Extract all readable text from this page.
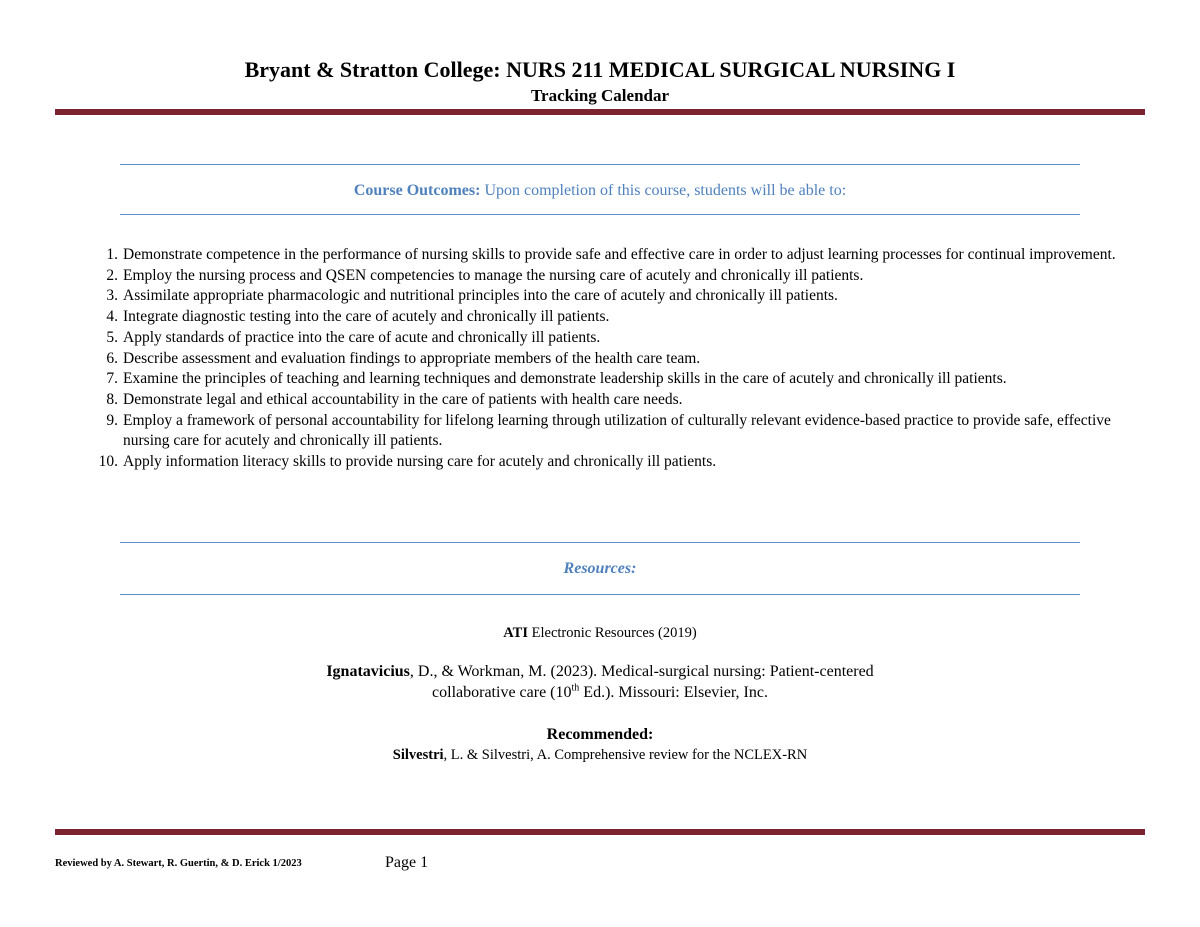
Bryant & Stratton College: NURS 211 MEDICAL SURGICAL NURSING I
Tracking Calendar
Course Outcomes: Upon completion of this course, students will be able to:
1. Demonstrate competence in the performance of nursing skills to provide safe and effective care in order to adjust learning processes for continual improvement.
2. Employ the nursing process and QSEN competencies to manage the nursing care of acutely and chronically ill patients.
3. Assimilate appropriate pharmacologic and nutritional principles into the care of acutely and chronically ill patients.
4. Integrate diagnostic testing into the care of acutely and chronically ill patients.
5. Apply standards of practice into the care of acute and chronically ill patients.
6. Describe assessment and evaluation findings to appropriate members of the health care team.
7. Examine the principles of teaching and learning techniques and demonstrate leadership skills in the care of acutely and chronically ill patients.
8. Demonstrate legal and ethical accountability in the care of patients with health care needs.
9. Employ a framework of personal accountability for lifelong learning through utilization of culturally relevant evidence-based practice to provide safe, effective nursing care for acutely and chronically ill patients.
10. Apply information literacy skills to provide nursing care for acutely and chronically ill patients.
Resources:
ATI Electronic Resources (2019)
Ignatavicius, D., & Workman, M. (2023). Medical-surgical nursing: Patient-centered
collaborative care (10th Ed.). Missouri: Elsevier, Inc.
Recommended:
Silvestri, L. & Silvestri, A. Comprehensive review for the NCLEX-RN
Reviewed by A. Stewart, R. Guertin, & D. Erick 1/2023	Page 1
